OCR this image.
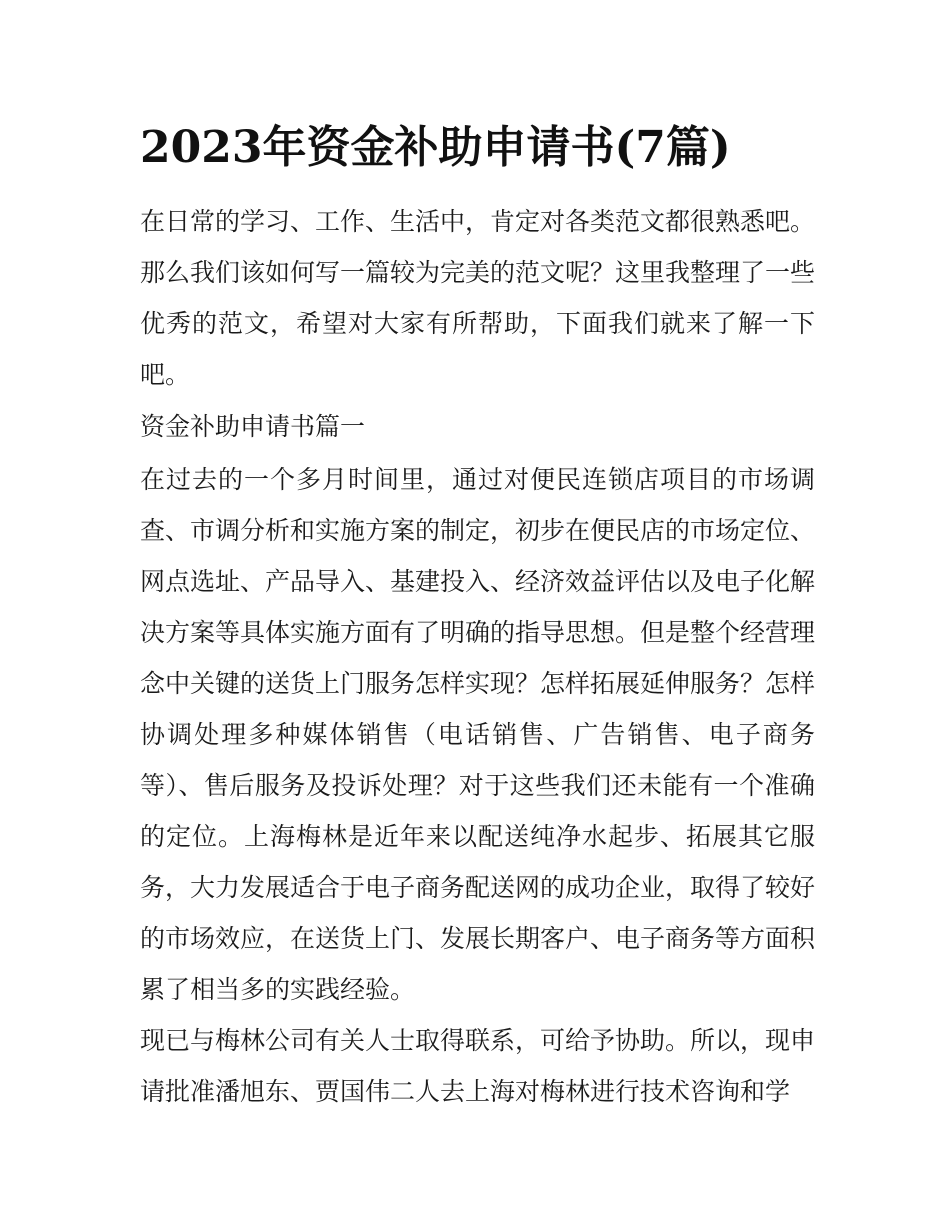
2023年资金补助申请书(7篇)

在日常的学习、工作、生活中，肯定对各类范文都很熟悉吧。那么我们该如何写一篇较为完美的范文呢？这里我整理了一些优秀的范文，希望对大家有所帮助，下面我们就来了解一下吧。

资金补助申请书篇一

在过去的一个多月时间里，通过对便民连锁店项目的市场调查、市调分析和实施方案的制定，初步在便民店的市场定位、网点选址、产品导入、基建投入、经济效益评估以及电子化解决方案等具体实施方面有了明确的指导思想。但是整个经营理念中关键的送货上门服务怎样实现？怎样拓展延伸服务？怎样协调处理多种媒体销售（电话销售、广告销售、电子商务等）、售后服务及投诉处理？对于这些我们还未能有一个准确的定位。上海梅林是近年来以配送纯净水起步、拓展其它服务，大力发展适合于电子商务配送网的成功企业，取得了较好的市场效应，在送货上门、发展长期客户、电子商务等方面积累了相当多的实践经验。

现已与梅林公司有关人士取得联系，可给予协助。所以，现申请批准潘旭东、贾国伟二人去上海对梅林进行技术咨询和学
